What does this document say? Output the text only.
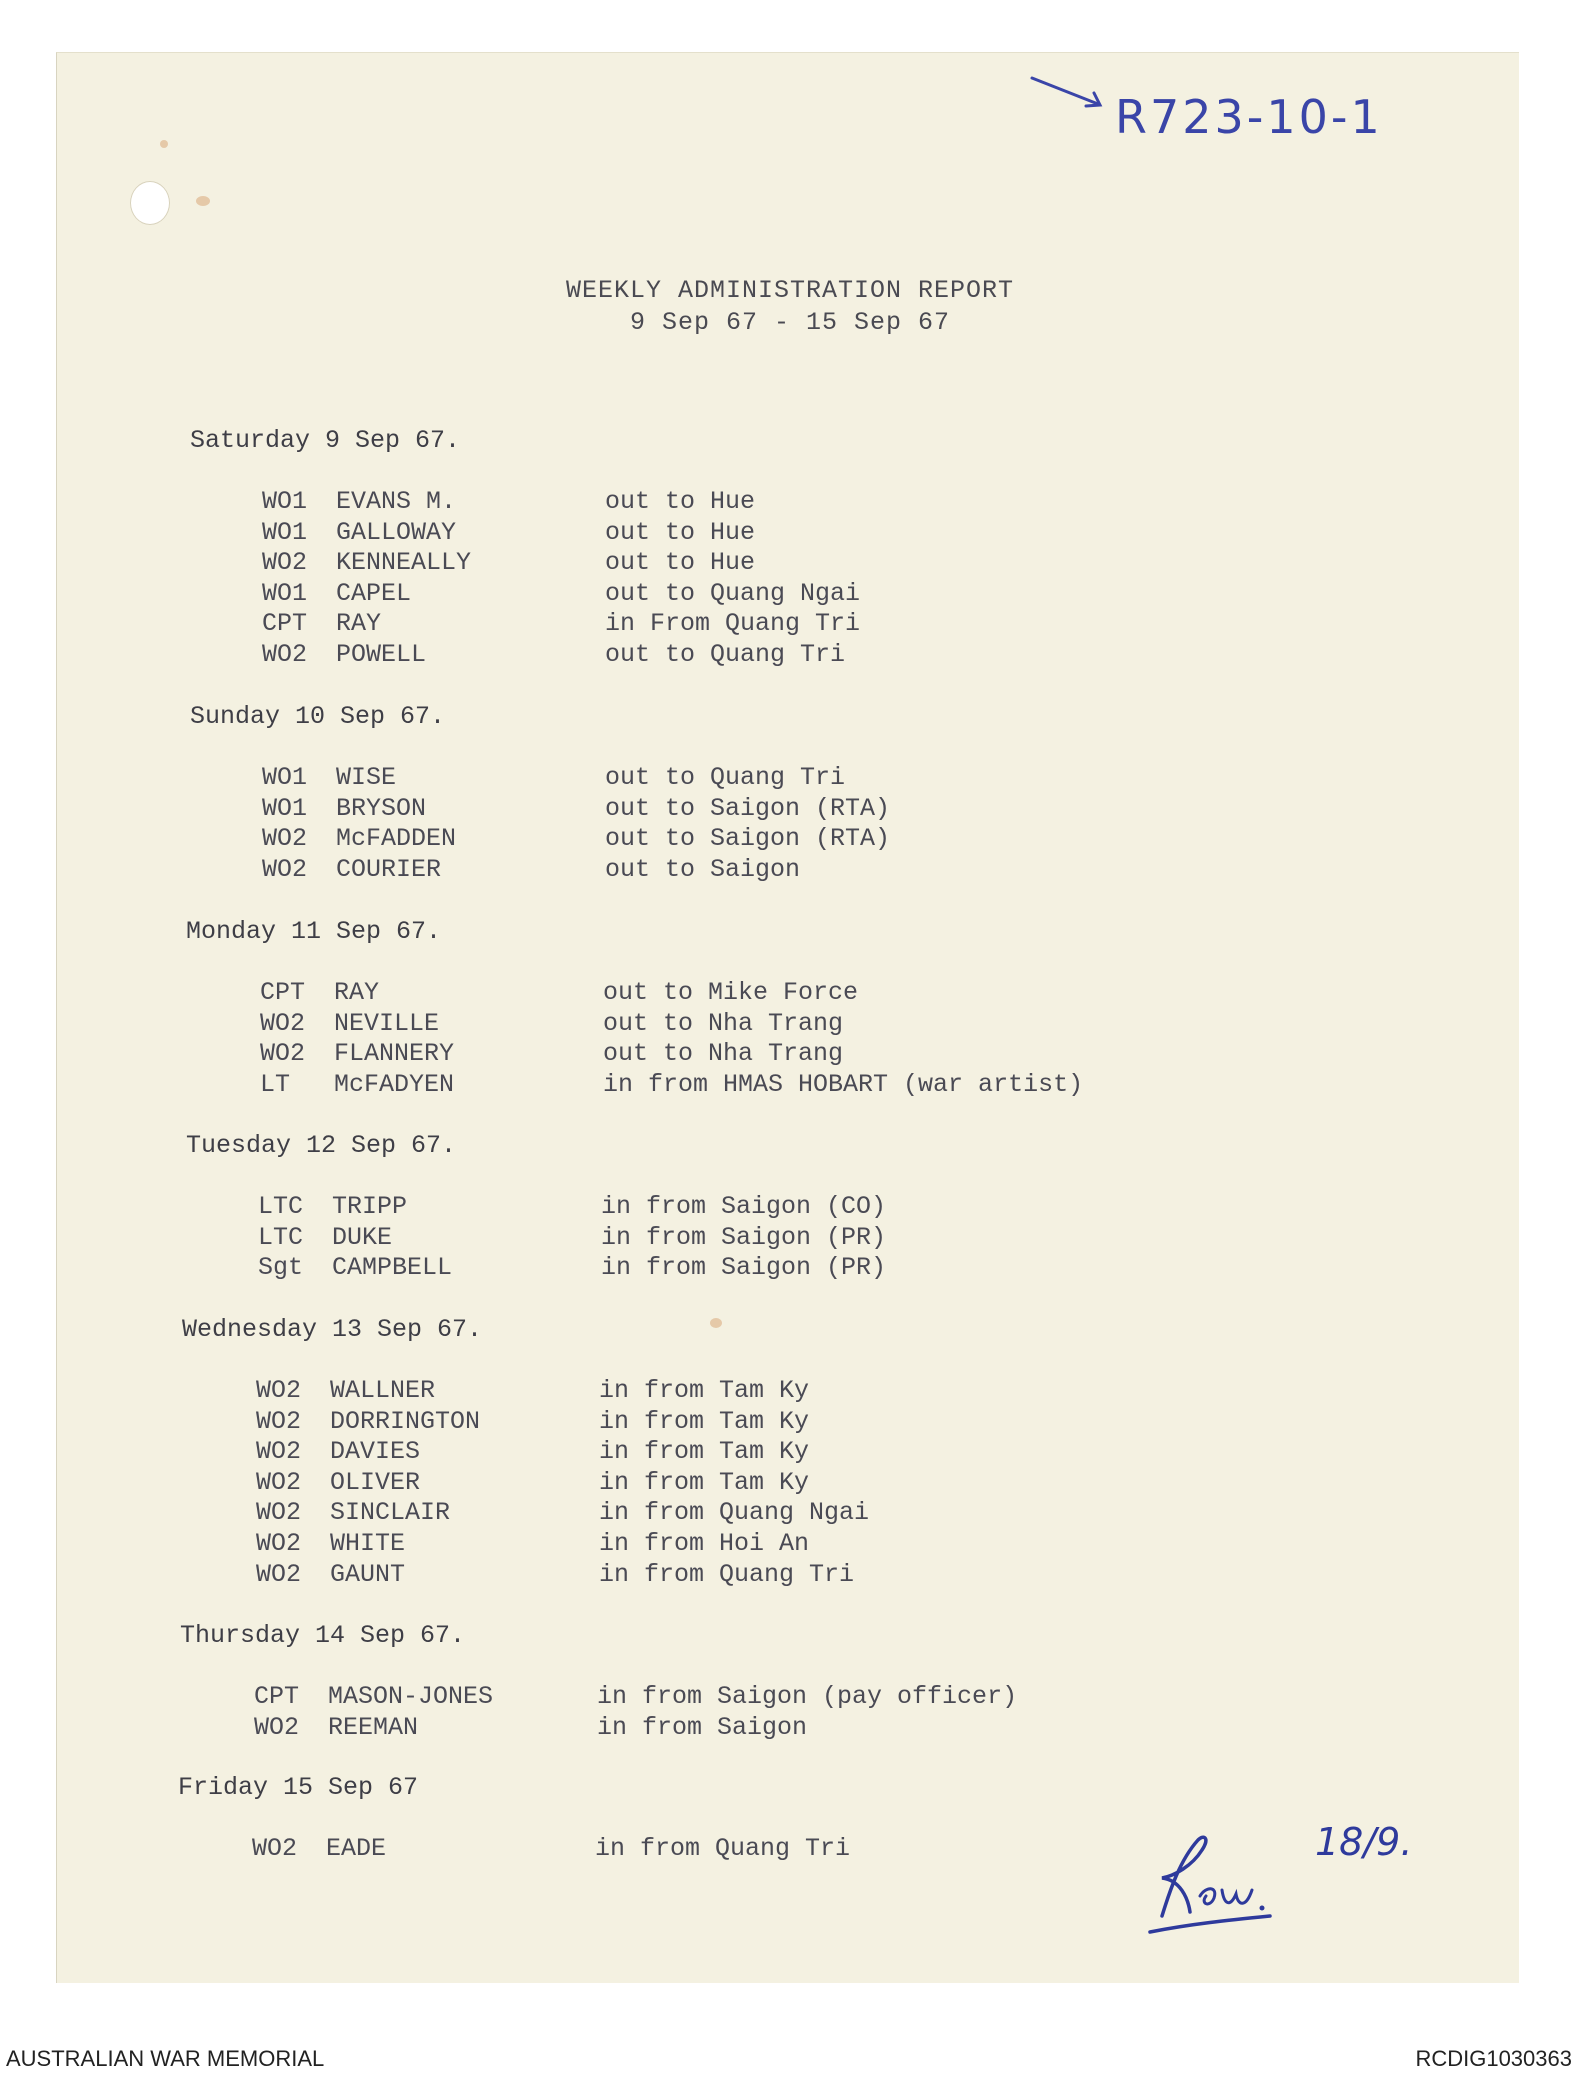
R723-10-1
WEEKLY ADMINISTRATION REPORT
9 Sep 67 - 15 Sep 67
Saturday 9 Sep 67.
WO1 EVANS M.	out to Hue
WO1 GALLOWAY	out to Hue
WO2 KENNEALLY	out to Hue
WO1 CAPEL	out to Quang Ngai
CPT RAY	in From Quang Tri
WO2 POWELL	out to Quang Tri
Sunday 10 Sep 67.
WO1 WISE	out to Quang Tri
WO1 BRYSON	out to Saigon (RTA)
WO2 McFADDEN	out to Saigon (RTA)
WO2 COURIER	out to Saigon
Monday 11 Sep 67.
CPT RAY	out to Mike Force
WO2 NEVILLE	out to Nha Trang
WO2 FLANNERY	out to Nha Trang
LT McFADYEN	in from HMAS HOBART (war artist)
Tuesday 12 Sep 67.
LTC TRIPP	in from Saigon (CO)
LTC DUKE	in from Saigon (PR)
Sgt CAMPBELL	in from Saigon (PR)
Wednesday 13 Sep 67.
WO2 WALLNER	in from Tam Ky
WO2 DORRINGTON	in from Tam Ky
WO2 DAVIES	in from Tam Ky
WO2 OLIVER	in from Tam Ky
WO2 SINCLAIR	in from Quang Ngai
WO2 WHITE	in from Hoi An
WO2 GAUNT	in from Quang Tri
Thursday 14 Sep 67.
CPT MASON-JONES	in from Saigon (pay officer)
WO2 REEMAN	in from Saigon
Friday 15 Sep 67
WO2 EADE	in from Quang Tri	18/9.
AUSTRALIAN WAR MEMORIAL	RCDIG1030363
